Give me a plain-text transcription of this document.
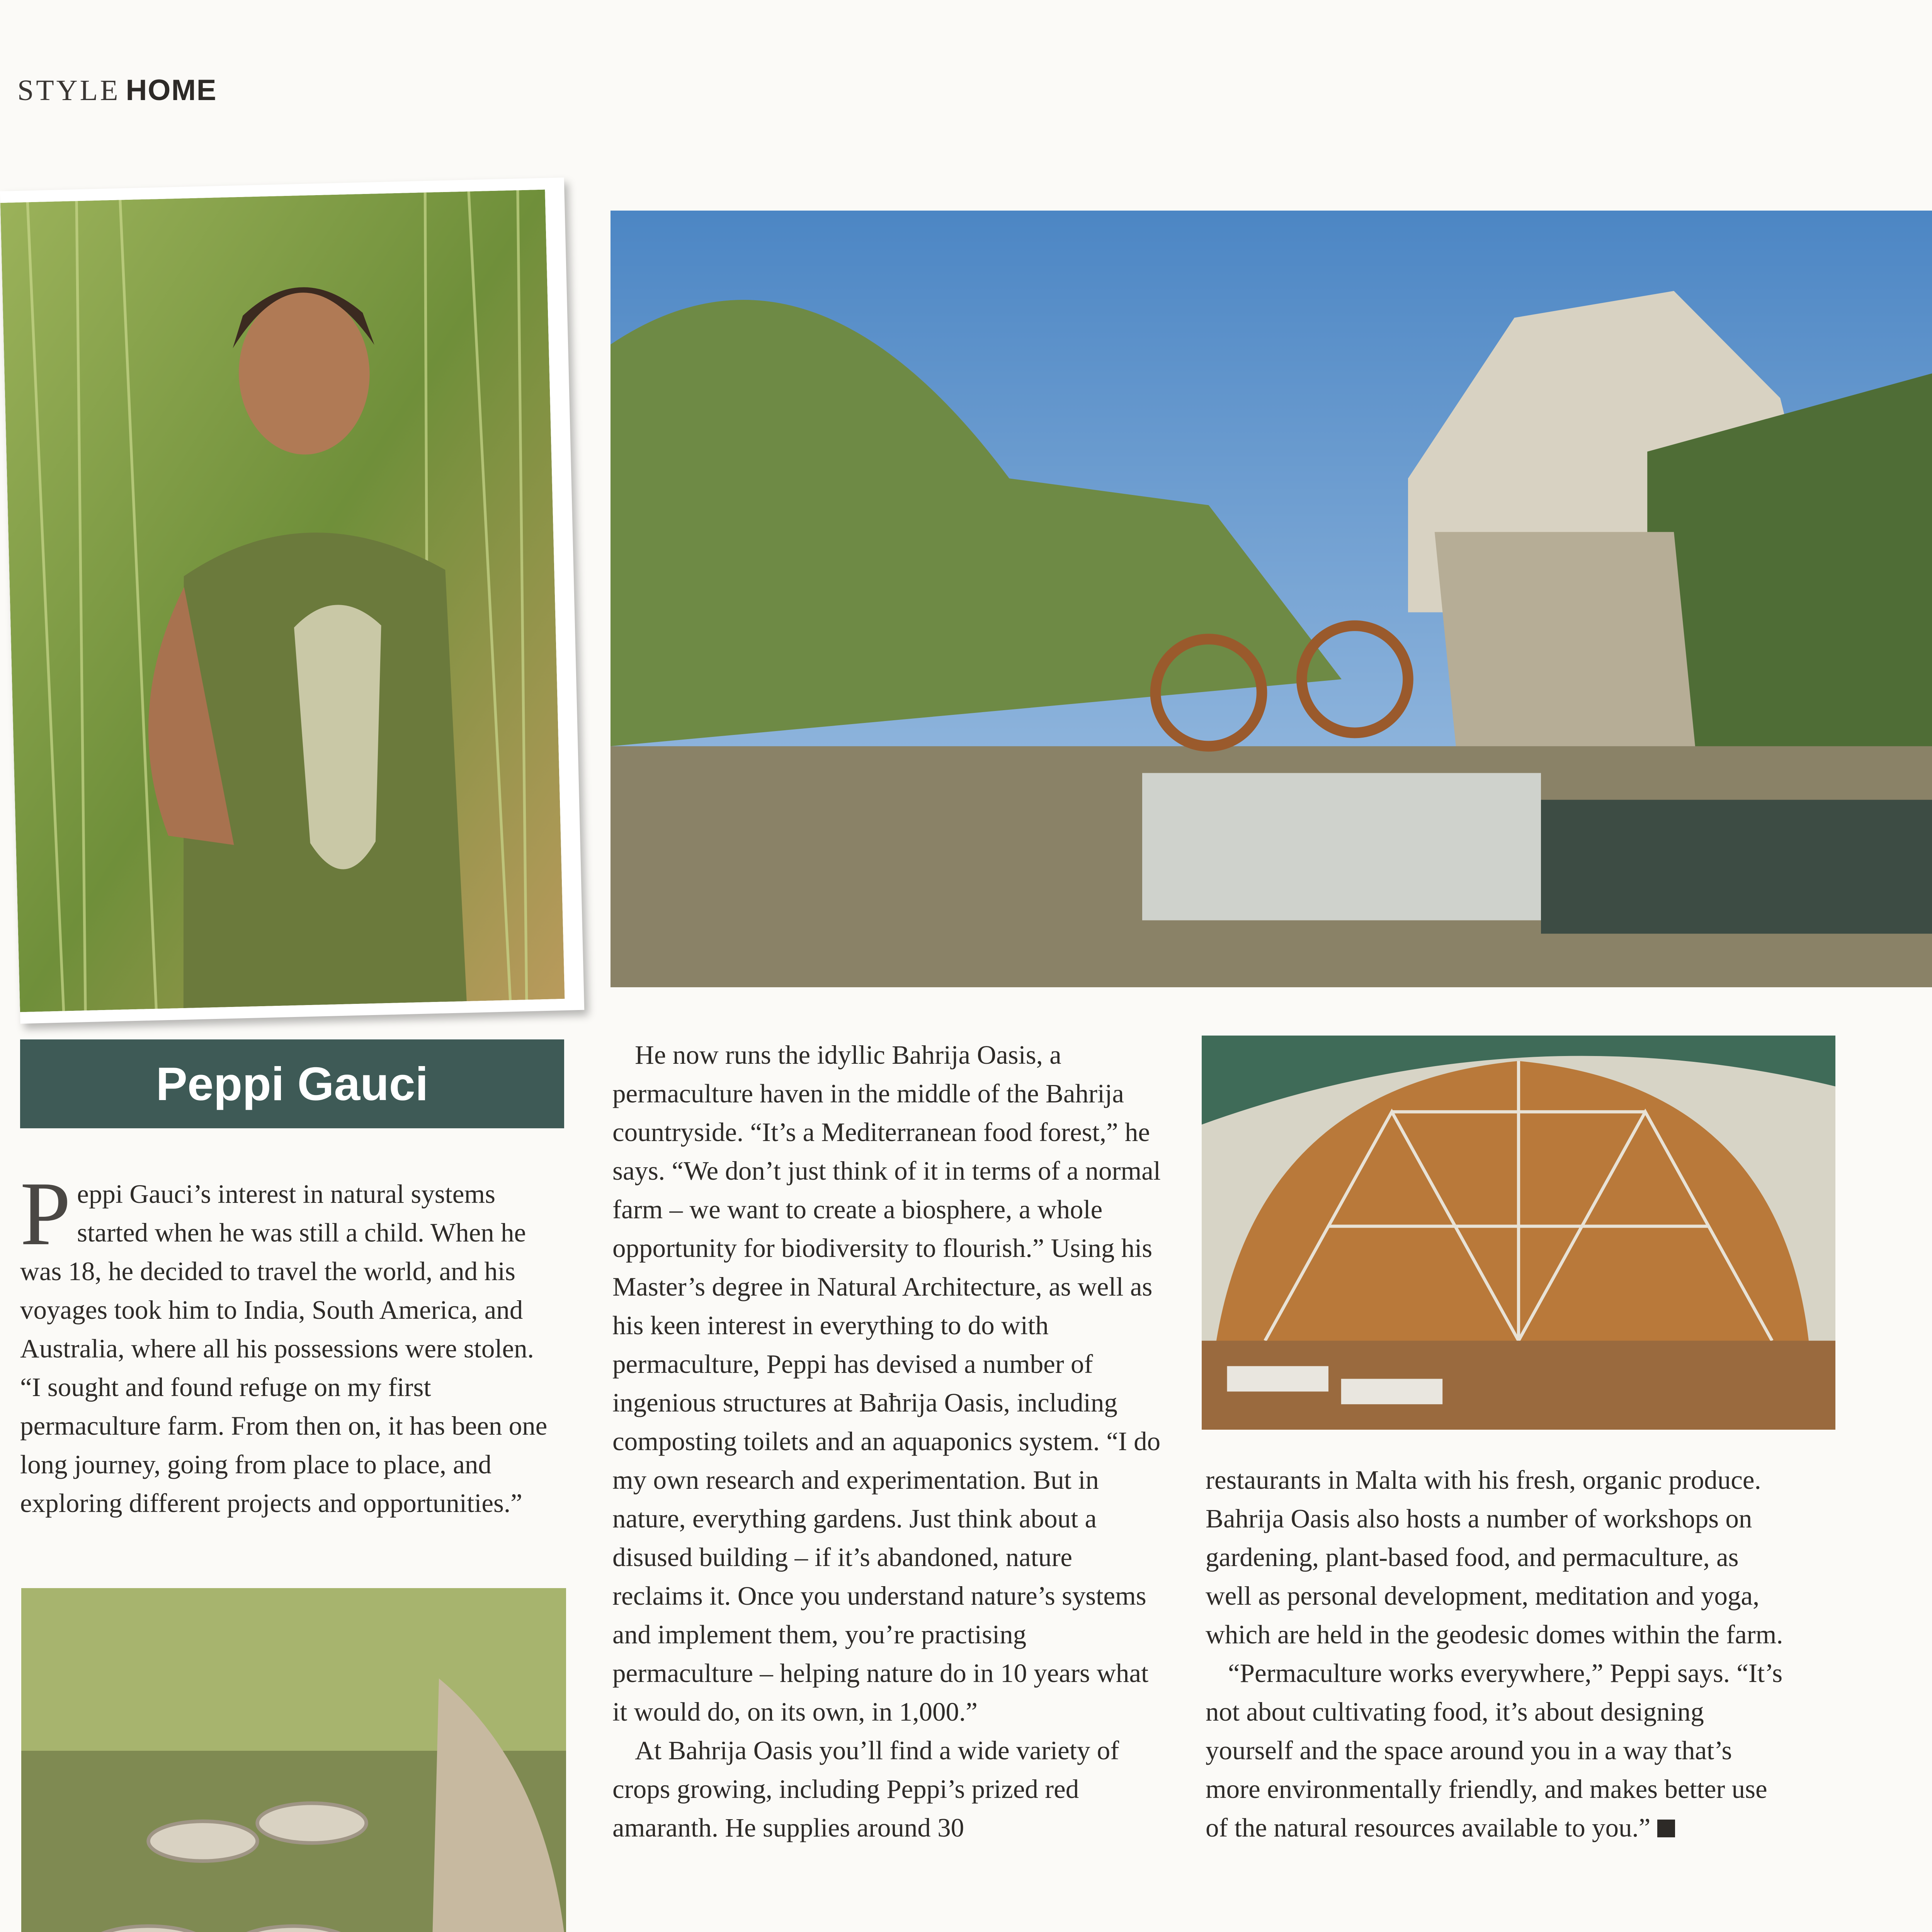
STYLE HOME
Peppi Gauci

Peppi Gauci’s interest in natural systems started when he was still a child. When he was 18, he decided to travel the world, and his voyages took him to India, South America, and Australia, where all his possessions were stolen. “I sought and found refuge on my first permaculture farm. From then on, it has been one long journey, going from place to place, and exploring different projects and opportunities.”

He now runs the idyllic Bahrija Oasis, a permaculture haven in the middle of the Bahrija countryside. “It’s a Mediterranean food forest,” he says. “We don’t just think of it in terms of a normal farm – we want to create a biosphere, a whole opportunity for biodiversity to flourish.” Using his Master’s degree in Natural Architecture, as well as his keen interest in everything to do with permaculture, Peppi has devised a number of ingenious structures at Baħrija Oasis, including composting toilets and an aquaponics system. “I do my own research and experimentation. But in nature, everything gardens. Just think about a disused building – if it’s abandoned, nature reclaims it. Once you understand nature’s systems and implement them, you’re practising permaculture – helping nature do in 10 years what it would do, on its own, in 1,000.”

At Bahrija Oasis you’ll find a wide variety of crops growing, including Peppi’s prized red amaranth. He supplies around 30

restaurants in Malta with his fresh, organic produce. Bahrija Oasis also hosts a number of workshops on gardening, plant-based food, and permaculture, as well as personal development, meditation and yoga, which are held in the geodesic domes within the farm.

“Permaculture works everywhere,” Peppi says. “It’s not about cultivating food, it’s about designing yourself and the space around you in a way that’s more environmentally friendly, and makes better use of the natural resources available to you.”
